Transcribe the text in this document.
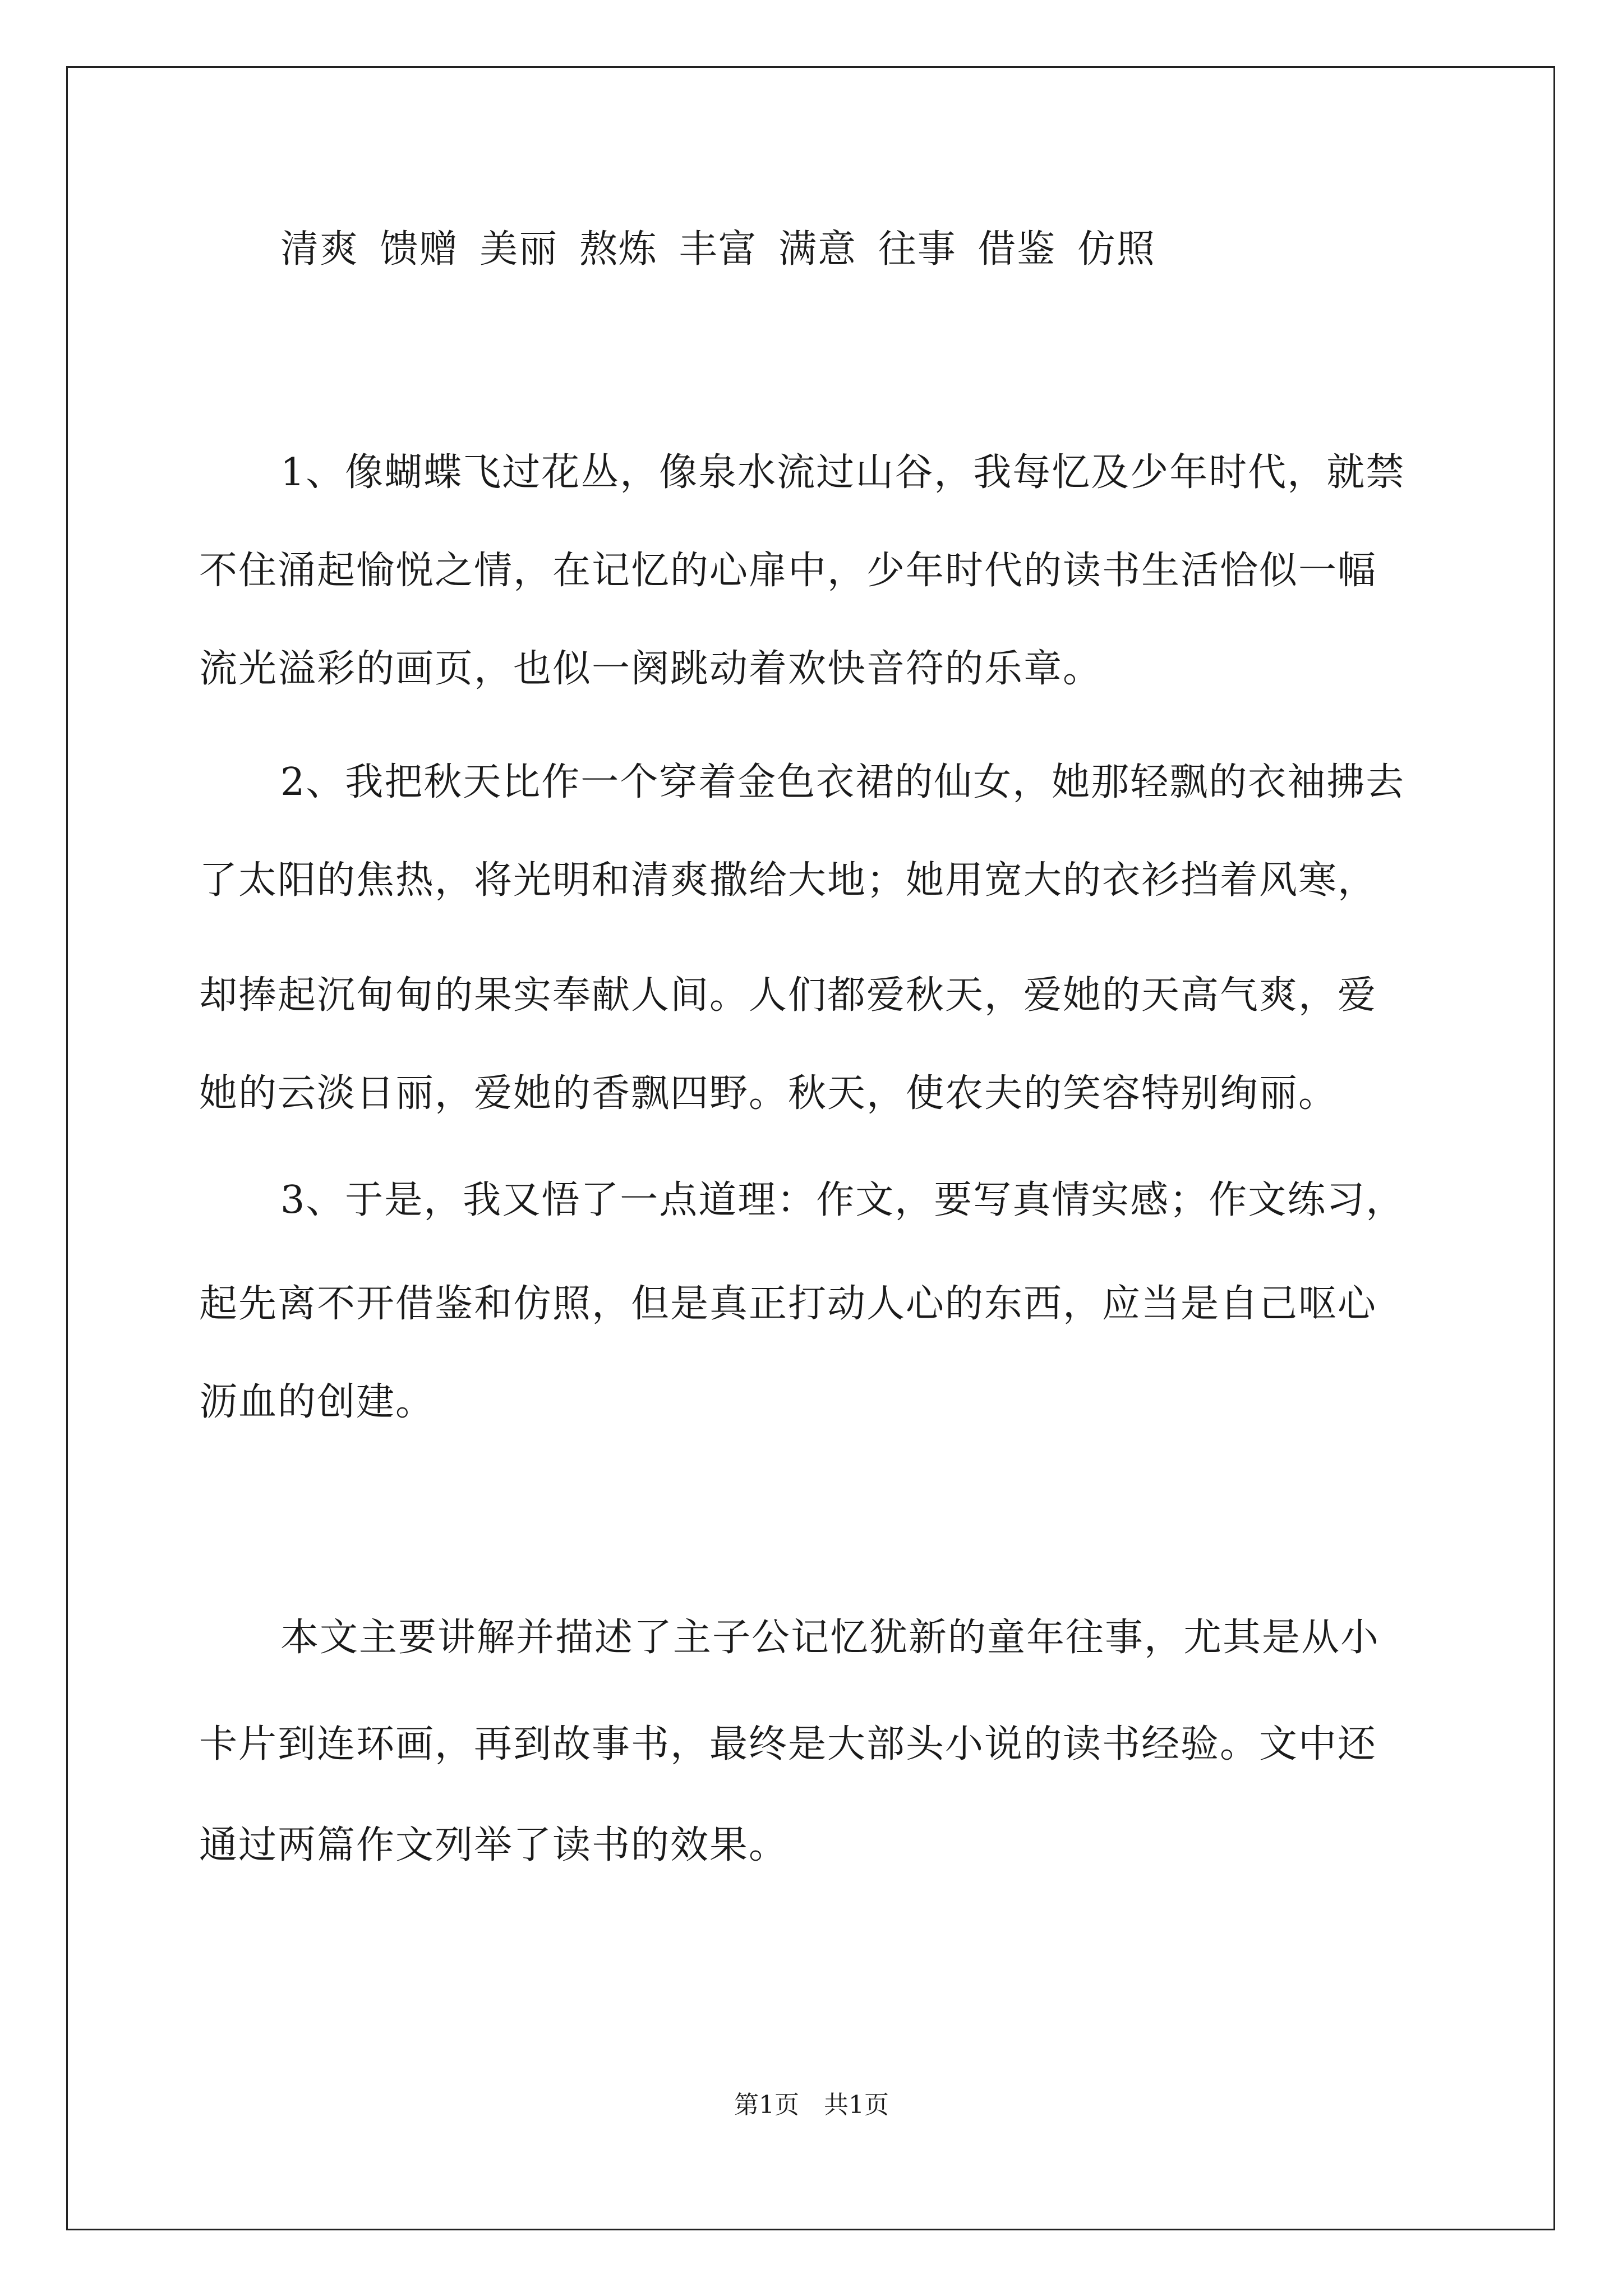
清爽 馈赠 美丽 熬炼 丰富 满意 往事 借鉴 仿照
1、像蝴蝶飞过花丛，像泉水流过山谷，我每忆及少年时代，就禁
不住涌起愉悦之情，在记忆的心扉中，少年时代的读书生活恰似一幅
流光溢彩的画页，也似一阕跳动着欢快音符的乐章。
2、我把秋天比作一个穿着金色衣裙的仙女，她那轻飘的衣袖拂去
了太阳的焦热，将光明和清爽撒给大地；她用宽大的衣衫挡着风寒，
却捧起沉甸甸的果实奉献人间。人们都爱秋天，爱她的天高气爽，爱
她的云淡日丽，爱她的香飘四野。秋天，使农夫的笑容特别绚丽。
3、于是，我又悟了一点道理：作文，要写真情实感；作文练习，
起先离不开借鉴和仿照，但是真正打动人心的东西，应当是自己呕心
沥血的创建。
本文主要讲解并描述了主子公记忆犹新的童年往事，尤其是从小
卡片到连环画，再到故事书，最终是大部头小说的读书经验。文中还
通过两篇作文列举了读书的效果。
第1页　共1页
